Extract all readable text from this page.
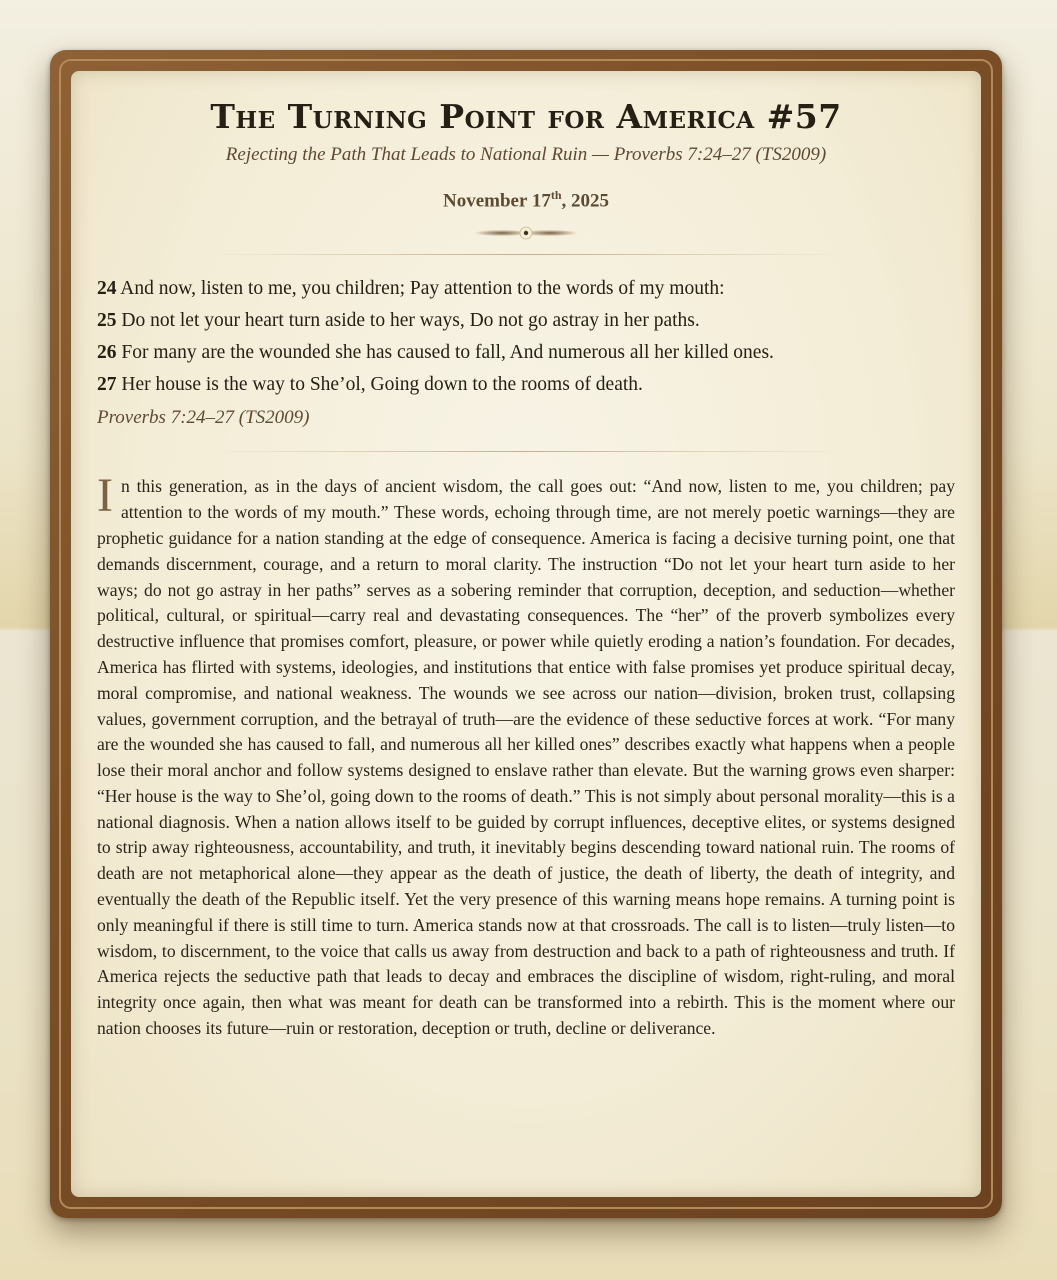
The Turning Point for America #57

Rejecting the Path That Leads to National Ruin — Proverbs 7:24–27 (TS2009)

November 17th, 2025

24 And now, listen to me, you children; Pay attention to the words of my mouth:

25 Do not let your heart turn aside to her ways, Do not go astray in her paths.

26 For many are the wounded she has caused to fall, And numerous all her killed ones.

27 Her house is the way to She’ol, Going down to the rooms of death.

Proverbs 7:24–27 (TS2009)

In this generation, as in the days of ancient wisdom, the call goes out: “And now, listen to me, you children; pay attention to the words of my mouth.” These words, echoing through time, are not merely poetic warnings—they are prophetic guidance for a nation standing at the edge of consequence. America is facing a decisive turning point, one that demands discernment, courage, and a return to moral clarity. The instruction “Do not let your heart turn aside to her ways; do not go astray in her paths” serves as a sobering reminder that corruption, deception, and seduction—whether political, cultural, or spiritual—carry real and devastating consequences. The “her” of the proverb symbolizes every destructive influence that promises comfort, pleasure, or power while quietly eroding a nation’s foundation. For decades, America has flirted with systems, ideologies, and institutions that entice with false promises yet produce spiritual decay, moral compromise, and national weakness. The wounds we see across our nation—division, broken trust, collapsing values, government corruption, and the betrayal of truth—are the evidence of these seductive forces at work. “For many are the wounded she has caused to fall, and numerous all her killed ones” describes exactly what happens when a people lose their moral anchor and follow systems designed to enslave rather than elevate. But the warning grows even sharper: “Her house is the way to She’ol, going down to the rooms of death.” This is not simply about personal morality—this is a national diagnosis. When a nation allows itself to be guided by corrupt influences, deceptive elites, or systems designed to strip away righteousness, accountability, and truth, it inevitably begins descending toward national ruin. The rooms of death are not metaphorical alone—they appear as the death of justice, the death of liberty, the death of integrity, and eventually the death of the Republic itself. Yet the very presence of this warning means hope remains. A turning point is only meaningful if there is still time to turn. America stands now at that crossroads. The call is to listen—truly listen—to wisdom, to discernment, to the voice that calls us away from destruction and back to a path of righteousness and truth. If America rejects the seductive path that leads to decay and embraces the discipline of wisdom, right-ruling, and moral integrity once again, then what was meant for death can be transformed into a rebirth. This is the moment where our nation chooses its future—ruin or restoration, deception or truth, decline or deliverance.
